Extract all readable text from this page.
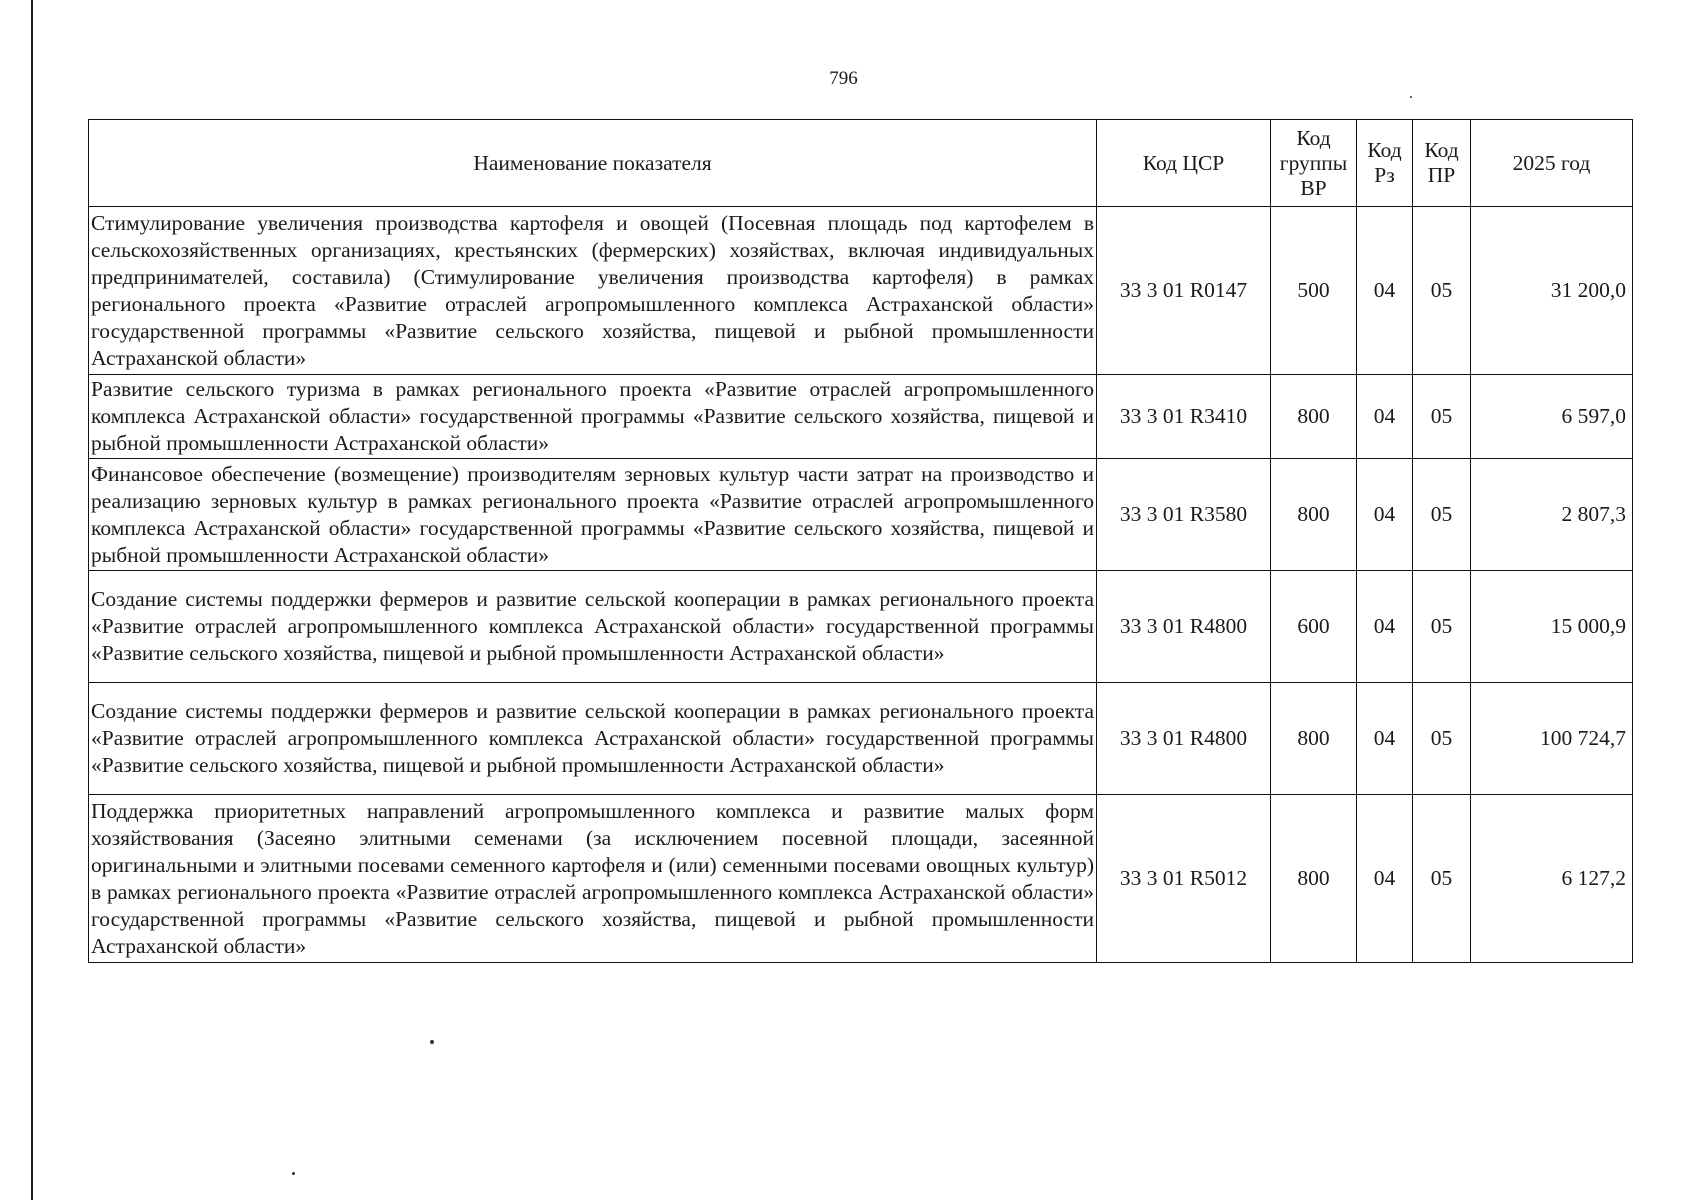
796
Наименование показателя	Код ЦСР	Код группы ВР	Код Рз	Код ПР	2025 год
Стимулирование увеличения производства картофеля и овощей (Посевная площадь под картофелем в сельскохозяйственных организациях, крестьянских (фермерских) хозяйствах, включая индивидуальных предпринимателей, составила) (Стимулирование увеличения производства картофеля) в рамках регионального проекта «Развитие отраслей агропромышленного комплекса Астраханской области» государственной программы «Развитие сельского хозяйства, пищевой и рыбной промышленности Астраханской области»	33 3 01 R0147	500	04	05	31 200,0
Развитие сельского туризма в рамках регионального проекта «Развитие отраслей агропромышленного комплекса Астраханской области» государственной программы «Развитие сельского хозяйства, пищевой и рыбной промышленности Астраханской области»	33 3 01 R3410	800	04	05	6 597,0
Финансовое обеспечение (возмещение) производителям зерновых культур части затрат на производство и реализацию зерновых культур в рамках регионального проекта «Развитие отраслей агропромышленного комплекса Астраханской области» государственной программы «Развитие сельского хозяйства, пищевой и рыбной промышленности Астраханской области»	33 3 01 R3580	800	04	05	2 807,3
Создание системы поддержки фермеров и развитие сельской кооперации в рамках регионального проекта «Развитие отраслей агропромышленного комплекса Астраханской области» государственной программы «Развитие сельского хозяйства, пищевой и рыбной промышленности Астраханской области»	33 3 01 R4800	600	04	05	15 000,9
Создание системы поддержки фермеров и развитие сельской кооперации в рамках регионального проекта «Развитие отраслей агропромышленного комплекса Астраханской области» государственной программы «Развитие сельского хозяйства, пищевой и рыбной промышленности Астраханской области»	33 3 01 R4800	800	04	05	100 724,7
Поддержка приоритетных направлений агропромышленного комплекса и развитие малых форм хозяйствования (Засеяно элитными семенами (за исключением посевной площади, засеянной оригинальными и элитными посевами семенного картофеля и (или) семенными посевами овощных культур) в рамках регионального проекта «Развитие отраслей агропромышленного комплекса Астраханской области» государственной программы «Развитие сельского хозяйства, пищевой и рыбной промышленности Астраханской области»	33 3 01 R5012	800	04	05	6 127,2
